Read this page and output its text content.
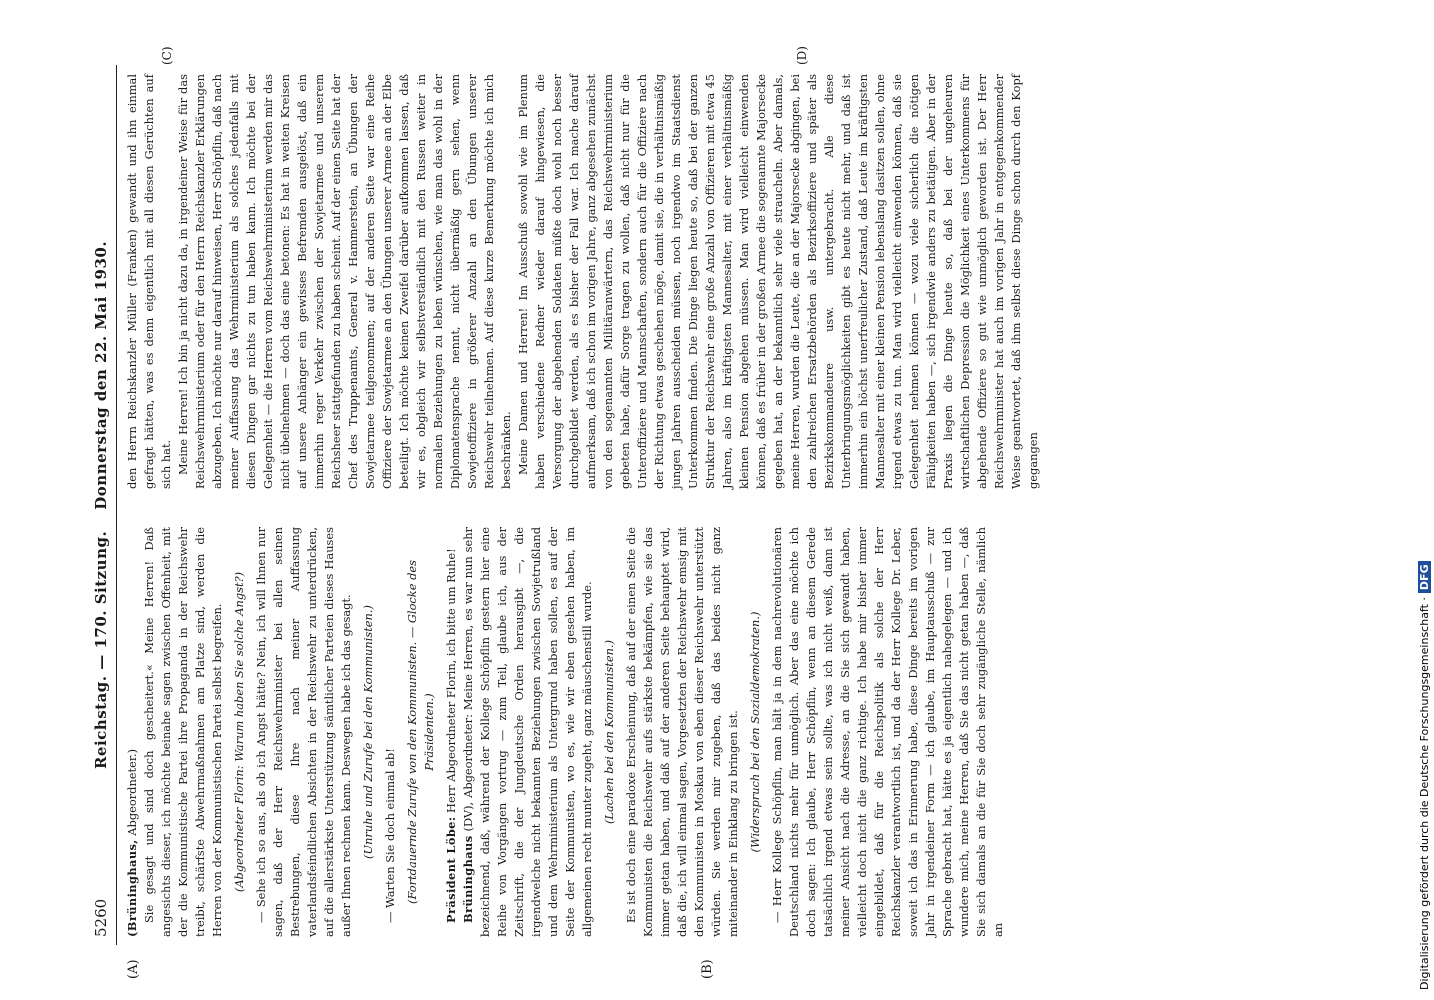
5260
Reichstag. — 170. Sitzung.    Donnerstag den 22. Mai 1930.
(A)	(B)
(C)	(D)

(Brüninghaus, Abgeordneter.) Sie gesagt und sind doch gescheitert.« Meine Herren! Daß angesichts dieser, ich möchte beinahe sagen zwischen Offenheit, mit der die Kommunistische Partei ihre Propaganda in der Reichswehr treibt, schärfste Abwehrmaßnahmen am Platze sind, werden die Herren von der Kommunistischen Partei selbst begreifen. (Abgeordneter Florin: Warum haben Sie solche Angst?) — Sehe ich so aus, als ob ich Angst hätte? Nein, ich will Ihnen nur sagen, daß der Herr Reichswehrminister bei allen seinen Bestrebungen, diese Ihre nach meiner Auffassung vaterlandsfeindlichen Absichten in der Reichswehr zu unterdrücken, auf die allerstärkste Unterstützung sämtlicher Parteien dieses Hauses außer Ihnen rechnen kann. Deswegen habe ich das gesagt. (Unruhe und Zurufe bei den Kommunisten.) — Warten Sie doch einmal ab! (Fortdauernde Zurufe von den Kommunisten. — Glocke des Präsidenten.)

Präsident Löbe: Herr Abgeordneter Florin, ich bitte um Ruhe!

Brüninghaus (DV), Abgeordneter: Meine Herren, es war nun sehr bezeichnend, daß, während der Kollege Schöpflin gestern hier eine Reihe von Vorgängen vortrug — zum Teil, glaube ich, aus der Zeitschrift, die der Jungdeutsche Orden herausgibt —, die irgendwelche nicht bekannten Beziehungen zwischen Sowjetrußland und dem Wehrministerium als Untergrund haben sollen, es auf der Seite der Kommunisten, wo es, wie wir eben gesehen haben, im allgemeinen recht munter zugeht, ganz mäuschenstill wurde. (Lachen bei den Kommunisten.) Es ist doch eine paradoxe Erscheinung, daß auf der einen Seite die Kommunisten die Reichswehr aufs stärkste bekämpfen, wie sie das immer getan haben, und daß auf der anderen Seite behauptet wird, daß die, ich will einmal sagen, Vorgesetzten der Reichswehr emsig mit den Kommunisten in Moskau von eben dieser Reichswehr unterstützt würden. Sie werden mir zugeben, daß das beides nicht ganz miteinander in Einklang zu bringen ist. (Widerspruch bei den Sozialdemokraten.) — Herr Kollege Schöpflin, man hält ja in dem nachrevolutionären Deutschland nichts mehr für unmöglich. Aber das eine möchte ich doch sagen: Ich glaube, Herr Schöpflin, wenn an diesem Gerede tatsächlich irgend etwas sein sollte, was ich nicht weiß, dann ist meiner Ansicht nach die Adresse, an die Sie sich gewandt haben, vielleicht doch nicht die ganz richtige. Ich habe mir bisher immer eingebildet, daß für die Reichspolitik als solche der Herr Reichskanzler verantwortlich ist, und da der Herr Kollege Dr. Leber, soweit ich das in Erinnerung habe, diese Dinge bereits im vorigen Jahr in irgendeiner Form — ich glaube, im Hauptausschuß — zur Sprache gebracht hat, hätte es ja eigentlich nahegelegen — und ich wundere mich, meine Herren, daß Sie das nicht getan haben —, daß Sie sich damals an die für Sie doch sehr zugängliche Stelle, nämlich an

den Herrn Reichskanzler Müller (Franken) gewandt und ihn einmal gefragt hätten, was es denn eigentlich mit all diesen Gerüchten auf sich hat. Meine Herren! Ich bin ja nicht dazu da, in irgendeiner Weise für das Reichswehrministerium oder für den Herrn Reichskanzler Erklärungen abzugeben. Ich möchte nur darauf hinweisen, Herr Schöpflin, daß nach meiner Auffassung das Wehrministerium als solches jedenfalls mit diesen Dingen gar nichts zu tun haben kann. Ich möchte bei der Gelegenheit — die Herren vom Reichswehrministerium werden mir das nicht übelnehmen — doch das eine betonen: Es hat in weiten Kreisen auf unsere Anhänger ein gewisses Befremden ausgelöst, daß ein immerhin reger Verkehr zwischen der Sowjetarmee und unserem Reichsheer stattgefunden zu haben scheint. Auf der einen Seite hat der Chef des Truppenamts, General v. Hammerstein, an Übungen der Sowjetarmee teilgenommen; auf der anderen Seite war eine Reihe Offiziere der Sowjetarmee an den Übungen unserer Armee an der Elbe beteiligt. Ich möchte keinen Zweifel darüber aufkommen lassen, daß wir es, obgleich wir selbstverständlich mit den Russen weiter in normalen Beziehungen zu leben wünschen, wie man das wohl in der Diplomatensprache nennt, nicht übermäßig gern sehen, wenn Sowjetoffiziere in größerer Anzahl an den Übungen unserer Reichswehr teilnehmen. Auf diese kurze Bemerkung möchte ich mich beschränken. Meine Damen und Herren! Im Ausschuß sowohl wie im Plenum haben verschiedene Redner wieder darauf hingewiesen, die Versorgung der abgehenden Soldaten müßte doch wohl noch besser durchgebildet werden, als es bisher der Fall war. Ich mache darauf aufmerksam, daß ich schon im vorigen Jahre, ganz abgesehen zunächst von den sogenannten Militäranwärtern, das Reichswehrministerium gebeten habe, dafür Sorge tragen zu wollen, daß nicht nur für die Unteroffiziere und Mannschaften, sondern auch für die Offiziere nach der Richtung etwas geschehen möge, damit sie, die in verhältnismäßig jungen Jahren ausscheiden müssen, noch irgendwo im Staatsdienst Unterkommen finden. Die Dinge liegen heute so, daß bei der ganzen Struktur der Reichswehr eine große Anzahl von Offizieren mit etwa 45 Jahren, also im kräftigsten Mannesalter, mit einer verhältnismäßig kleinen Pension abgehen müssen. Man wird vielleicht einwenden können, daß es früher in der großen Armee die sogenannte Majorsecke gegeben hat, an der bekanntlich sehr viele straucheln. Aber damals, meine Herren, wurden die Leute, die an der Majorsecke abgingen, bei den zahlreichen Ersatzbehörden als Bezirksoffiziere und später als Bezirkskommandeure usw. untergebracht. Alle diese Unterbringungsmöglichkeiten gibt es heute nicht mehr, und daß ist immerhin ein höchst unerfreulicher Zustand, daß Leute im kräftigsten Mannesalter mit einer kleinen Pension lebenslang dasitzen sollen, ohne irgend etwas zu tun. Man wird vielleicht einwenden können, daß sie Gelegenheit nehmen können — wozu viele sicherlich die nötigen Fähigkeiten haben —, sich irgendwie anders zu betätigen. Aber in der Praxis liegen die Dinge heute so, daß bei der ungeheuren wirtschaftlichen Depression die Möglichkeit eines Unterkommens für abgehende Offiziere so gut wie unmöglich geworden ist. Der Herr Reichswehrminister hat auch im vorigen Jahr in entgegenkommender Weise geantwortet, daß ihm selbst diese Dinge schon durch den Kopf gegangen

Digitalisierung gefördert durch die Deutsche Forschungsgemeinschaft ·DFG
